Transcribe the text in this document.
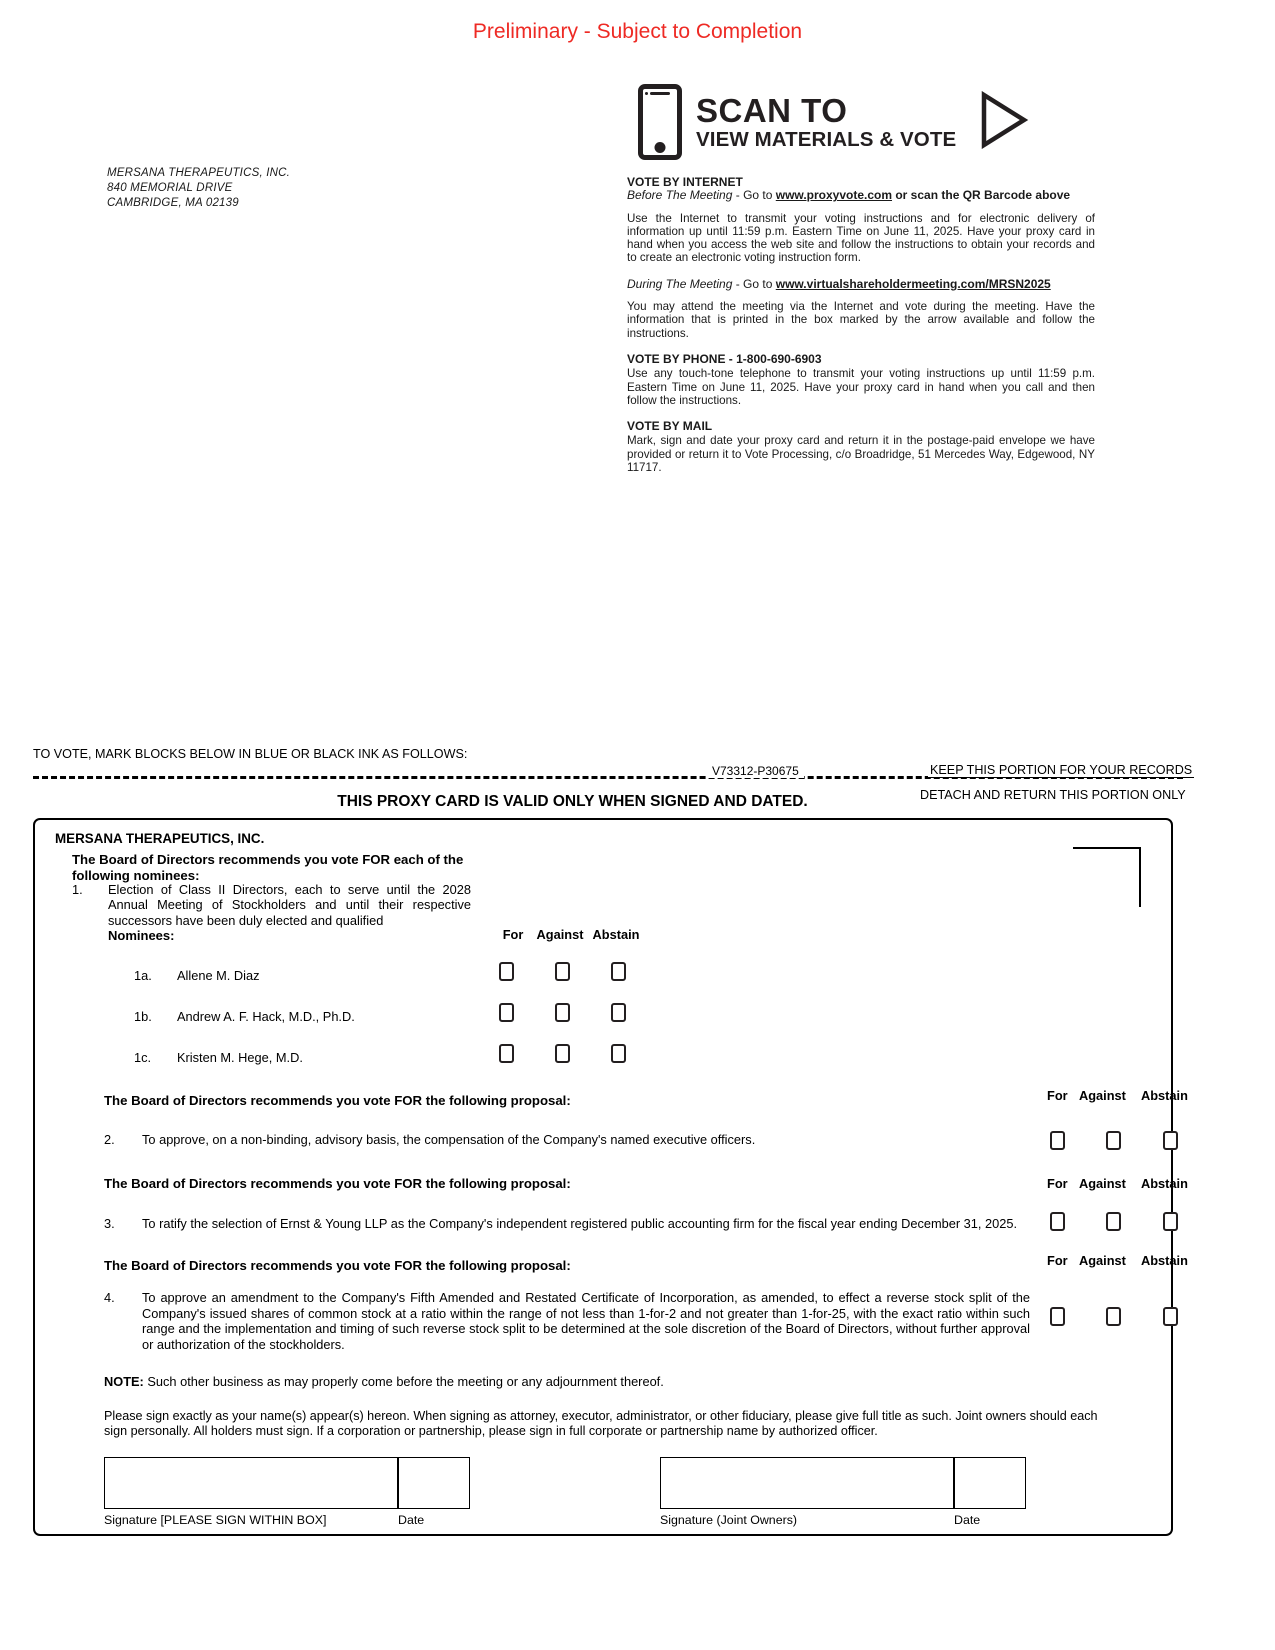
Preliminary - Subject to Completion
MERSANA THERAPEUTICS, INC.
840 MEMORIAL DRIVE
CAMBRIDGE, MA 02139
SCAN TO
VIEW MATERIALS & VOTE
VOTE BY INTERNET
Before The Meeting - Go to www.proxyvote.com or scan the QR Barcode above
Use the Internet to transmit your voting instructions and for electronic delivery of information up until 11:59 p.m. Eastern Time on June 11, 2025. Have your proxy card in hand when you access the web site and follow the instructions to obtain your records and to create an electronic voting instruction form.
During The Meeting - Go to www.virtualshareholdermeeting.com/MRSN2025
You may attend the meeting via the Internet and vote during the meeting. Have the information that is printed in the box marked by the arrow available and follow the instructions.
VOTE BY PHONE - 1-800-690-6903
Use any touch-tone telephone to transmit your voting instructions up until 11:59 p.m. Eastern Time on June 11, 2025. Have your proxy card in hand when you call and then follow the instructions.
VOTE BY MAIL
Mark, sign and date your proxy card and return it in the postage-paid envelope we have provided or return it to Vote Processing, c/o Broadridge, 51 Mercedes Way, Edgewood, NY 11717.
TO VOTE, MARK BLOCKS BELOW IN BLUE OR BLACK INK AS FOLLOWS:
V73312-P30675	KEEP THIS PORTION FOR YOUR RECORDS
THIS PROXY CARD IS VALID ONLY WHEN SIGNED AND DATED.	DETACH AND RETURN THIS PORTION ONLY
MERSANA THERAPEUTICS, INC.
The Board of Directors recommends you vote FOR each of the following nominees:
1. Election of Class II Directors, each to serve until the 2028 Annual Meeting of Stockholders and until their respective successors have been duly elected and qualified
Nominees:	For	Against Abstain
1a. Allene M. Diaz

1b. Andrew A. F. Hack, M.D., Ph.D.

1c. Kristen M. Hege, M.D.

The Board of Directors recommends you vote FOR the following proposal:	For Against Abstain
2. To approve, on a non-binding, advisory basis, the compensation of the Company's named executive officers.
The Board of Directors recommends you vote FOR the following proposal:	For Against Abstain
3. To ratify the selection of Ernst & Young LLP as the Company's independent registered public accounting firm for the fiscal year ending December 31, 2025.
The Board of Directors recommends you vote FOR the following proposal:	For Against Abstain
4. To approve an amendment to the Company's Fifth Amended and Restated Certificate of Incorporation, as amended, to effect a reverse stock split of the Company's issued shares of common stock at a ratio within the range of not less than 1-for-2 and not greater than 1-for-25, with the exact ratio within such range and the implementation and timing of such reverse stock split to be determined at the sole discretion of the Board of Directors, without further approval or authorization of the stockholders.
NOTE: Such other business as may properly come before the meeting or any adjournment thereof.
Please sign exactly as your name(s) appear(s) hereon. When signing as attorney, executor, administrator, or other fiduciary, please give full title as such. Joint owners should each sign personally. All holders must sign. If a corporation or partnership, please sign in full corporate or partnership name by authorized officer.
Signature [PLEASE SIGN WITHIN BOX]	Date	Signature (Joint Owners)	Date
